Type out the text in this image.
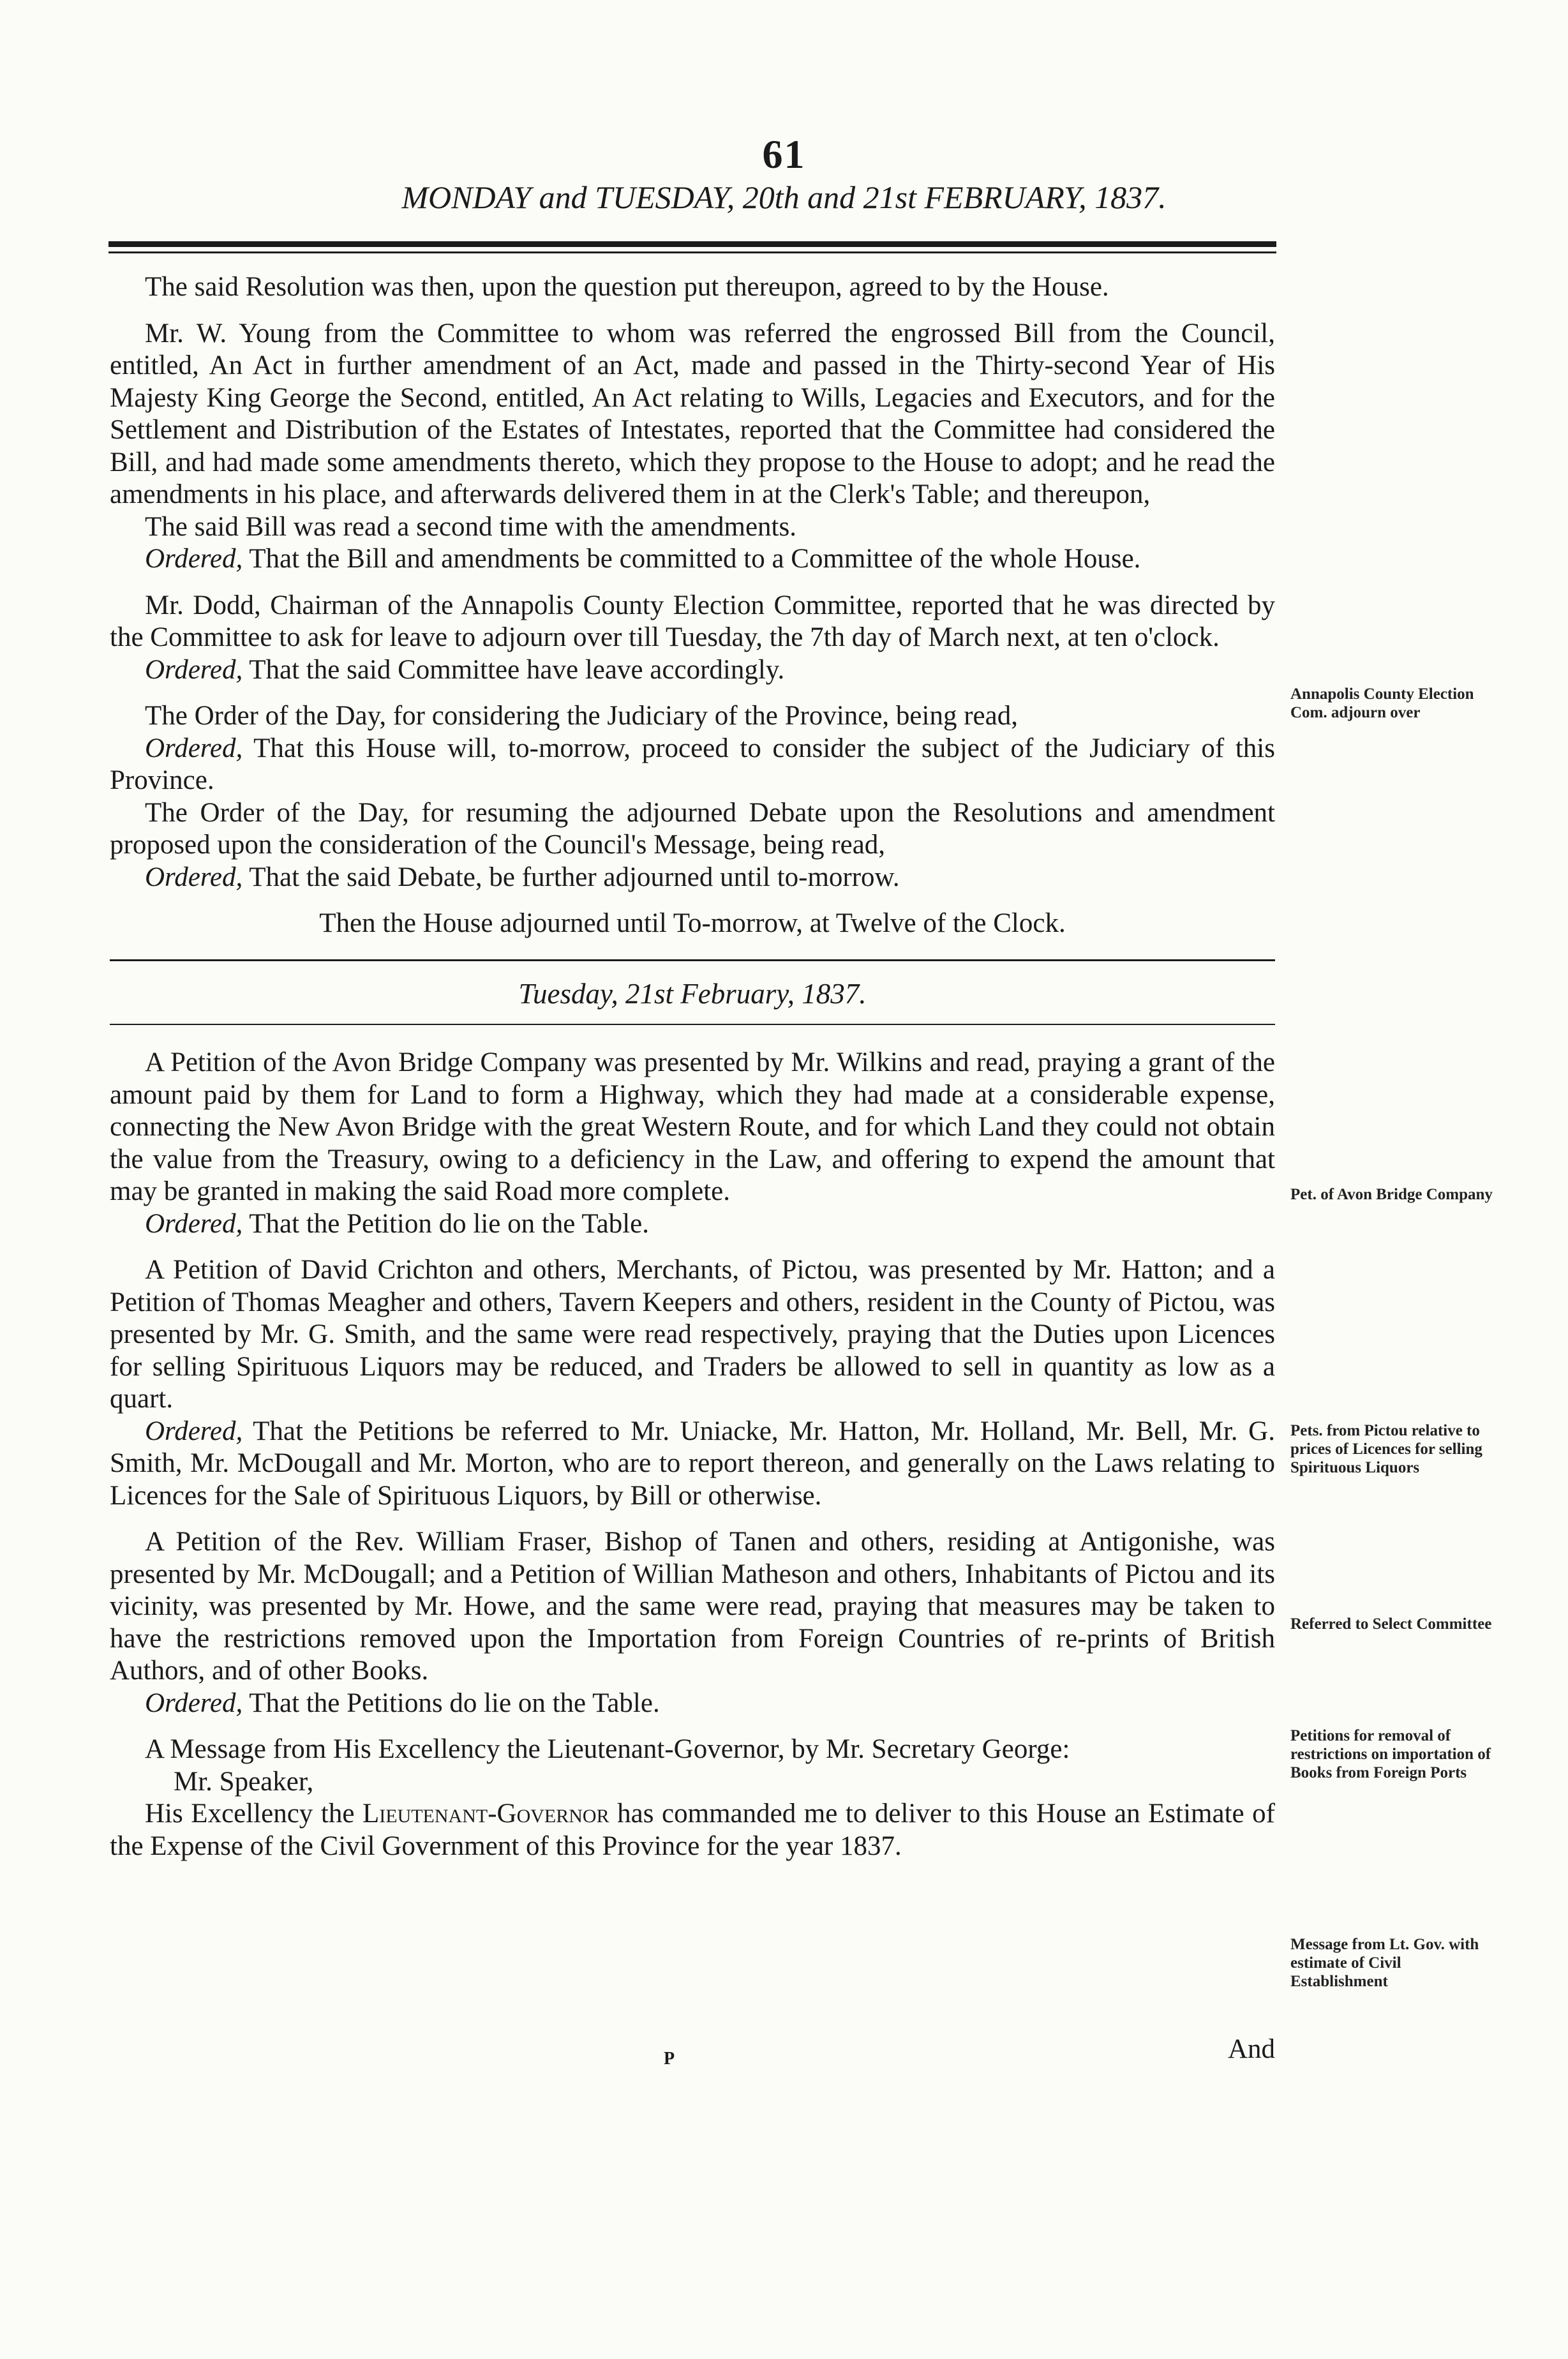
61
MONDAY and TUESDAY, 20th and 21st FEBRUARY, 1837.

The said Resolution was then, upon the question put thereupon, agreed to by the House.

Mr. W. Young from the Committee to whom was referred the engrossed Bill from the Council, entitled, An Act in further amendment of an Act, made and passed in the Thirty-second Year of His Majesty King George the Second, entitled, An Act relating to Wills, Legacies and Executors, and for the Settlement and Distribution of the Estates of Intestates, reported that the Committee had considered the Bill, and had made some amendments thereto, which they propose to the House to adopt; and he read the amendments in his place, and afterwards delivered them in at the Clerk's Table; and thereupon,

The said Bill was read a second time with the amendments.

Ordered, That the Bill and amendments be committed to a Committee of the whole House.

Mr. Dodd, Chairman of the Annapolis County Election Committee, reported that he was directed by the Committee to ask for leave to adjourn over till Tuesday, the 7th day of March next, at ten o'clock.

Ordered, That the said Committee have leave accordingly.

The Order of the Day, for considering the Judiciary of the Province, being read,

Ordered, That this House will, to-morrow, proceed to consider the subject of the Judiciary of this Province.

The Order of the Day, for resuming the adjourned Debate upon the Resolutions and amendment proposed upon the consideration of the Council's Message, being read,

Ordered, That the said Debate, be further adjourned until to-morrow.

Then the House adjourned until To-morrow, at Twelve of the Clock.

Tuesday, 21st February, 1837.

A Petition of the Avon Bridge Company was presented by Mr. Wilkins and read, praying a grant of the amount paid by them for Land to form a Highway, which they had made at a considerable expense, connecting the New Avon Bridge with the great Western Route, and for which Land they could not obtain the value from the Treasury, owing to a deficiency in the Law, and offering to expend the amount that may be granted in making the said Road more complete.

Ordered, That the Petition do lie on the Table.

A Petition of David Crichton and others, Merchants, of Pictou, was presented by Mr. Hatton; and a Petition of Thomas Meagher and others, Tavern Keepers and others, resident in the County of Pictou, was presented by Mr. G. Smith, and the same were read respectively, praying that the Duties upon Licences for selling Spirituous Liquors may be reduced, and Traders be allowed to sell in quantity as low as a quart.

Ordered, That the Petitions be referred to Mr. Uniacke, Mr. Hatton, Mr. Holland, Mr. Bell, Mr. G. Smith, Mr. McDougall and Mr. Morton, who are to report thereon, and generally on the Laws relating to Licences for the Sale of Spirituous Liquors, by Bill or otherwise.

A Petition of the Rev. William Fraser, Bishop of Tanen and others, residing at Antigonishe, was presented by Mr. McDougall; and a Petition of Willian Matheson and others, Inhabitants of Pictou and its vicinity, was presented by Mr. Howe, and the same were read, praying that measures may be taken to have the restrictions removed upon the Importation from Foreign Countries of re-prints of British Authors, and of other Books.

Ordered, That the Petitions do lie on the Table.

A Message from His Excellency the Lieutenant-Governor, by Mr. Secretary George:

Mr. Speaker,

His Excellency the Lieutenant-Governor has commanded me to deliver to this House an Estimate of the Expense of the Civil Government of this Province for the year 1837.

P	And
Annapolis County Election Com. adjourn over
Pet. of Avon Bridge Company
Pets. from Pictou relative to prices of Licences for selling Spirituous Liquors
Referred to Select Committee
Petitions for removal of restrictions on importation of Books from Foreign Ports
Message from Lt. Gov. with estimate of Civil Establishment
